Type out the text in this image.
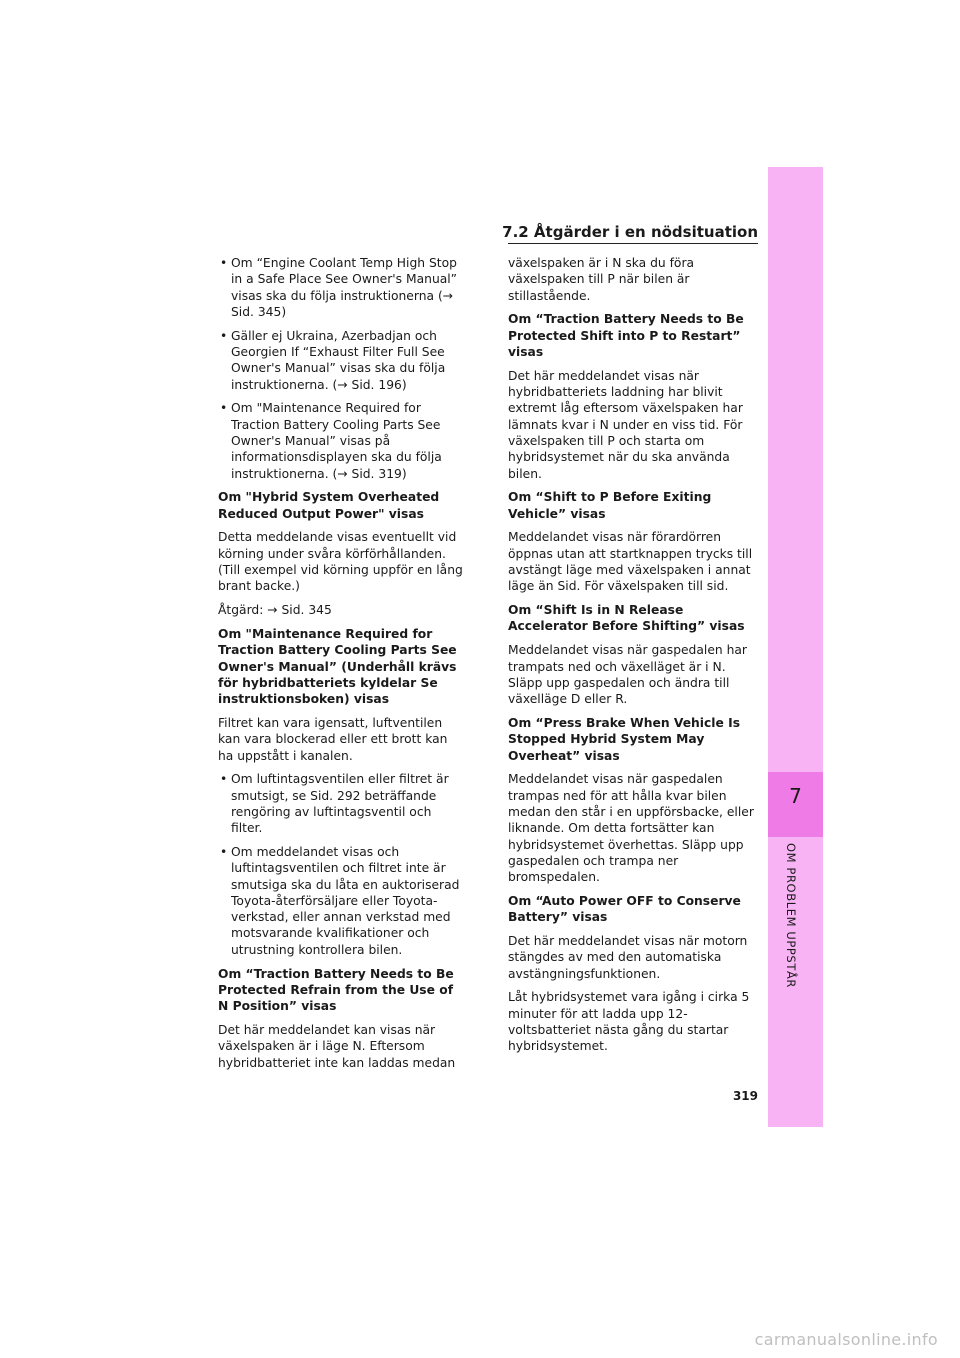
7.2 Åtgärder i en nödsituation
• Om “Engine Coolant Temp High Stop in a Safe Place See Owner's Manual” visas ska du följa instruktionerna (→ Sid. 345)
• Gäller ej Ukraina, Azerbadjan och Georgien If “Exhaust Filter Full See Owner's Manual” visas ska du följa instruktionerna. (→ Sid. 196)
• Om "Maintenance Required for Traction Battery Cooling Parts See Owner's Manual” visas på informationsdisplayen ska du följa instruktionerna. (→ Sid. 319)

Om "Hybrid System Overheated Reduced Output Power" visas

Detta meddelande visas eventuellt vid körning under svåra körförhållanden. (Till exempel vid körning uppför en lång brant backe.)

Åtgärd: → Sid. 345

Om "Maintenance Required for Traction Battery Cooling Parts See Owner's Manual” (Underhåll krävs för hybridbatteriets kyldelar Se instruktionsboken) visas

Filtret kan vara igensatt, luftventilen kan vara blockerad eller ett brott kan ha uppstått i kanalen.

• Om luftintagsventilen eller filtret är smutsigt, se Sid. 292 beträffande rengöring av luftintagsventil och filter.
• Om meddelandet visas och luftintagsventilen och filtret inte är smutsiga ska du låta en auktoriserad Toyota-återförsäljare eller Toyota-verkstad, eller annan verkstad med motsvarande kvalifikationer och utrustning kontrollera bilen.

Om “Traction Battery Needs to Be Protected Refrain from the Use of N Position” visas

Det här meddelandet kan visas när växelspaken är i läge N. Eftersom hybridbatteriet inte kan laddas medan

växelspaken är i N ska du föra växelspaken till P när bilen är stillastående.

Om “Traction Battery Needs to Be Protected Shift into P to Restart” visas

Det här meddelandet visas när hybridbatteriets laddning har blivit extremt låg eftersom växelspaken har lämnats kvar i N under en viss tid. För växelspaken till P och starta om hybridsystemet när du ska använda bilen.

Om “Shift to P Before Exiting Vehicle” visas

Meddelandet visas när förardörren öppnas utan att startknappen trycks till avstängt läge med växelspaken i annat läge än Sid. För växelspaken till sid.

Om “Shift Is in N Release Accelerator Before Shifting” visas

Meddelandet visas när gaspedalen har trampats ned och växelläget är i N. Släpp upp gaspedalen och ändra till växelläge D eller R.

Om “Press Brake When Vehicle Is Stopped Hybrid System May Overheat” visas

Meddelandet visas när gaspedalen trampas ned för att hålla kvar bilen medan den står i en uppförsbacke, eller liknande. Om detta fortsätter kan hybridsystemet överhettas. Släpp upp gaspedalen och trampa ner bromspedalen.

Om “Auto Power OFF to Conserve Battery” visas

Det här meddelandet visas när motorn stängdes av med den automatiska avstängningsfunktionen.

Låt hybridsystemet vara igång i cirka 5 minuter för att ladda upp 12-voltsbatteriet nästa gång du startar hybridsystemet.

7
OM PROBLEM UPPSTÅR
319
carmanualsonline.info
